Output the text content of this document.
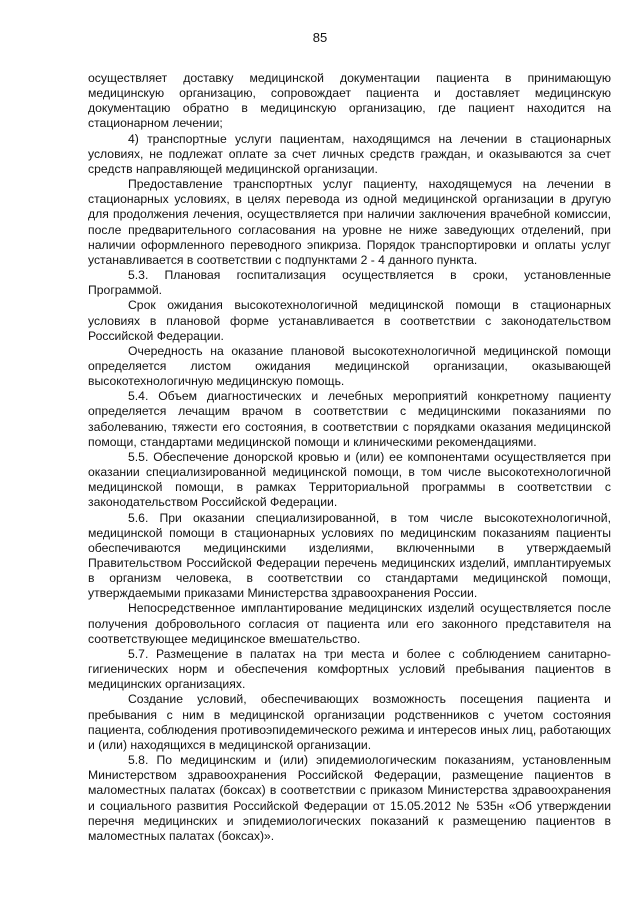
85

осуществляет доставку медицинской документации пациента в принимающую медицинскую организацию, сопровождает пациента и доставляет медицинскую документацию обратно в медицинскую организацию, где пациент находится на стационарном лечении;

4) транспортные услуги пациентам, находящимся на лечении в стационарных условиях, не подлежат оплате за счет личных средств граждан, и оказываются за счет средств направляющей медицинской организации.

Предоставление транспортных услуг пациенту, находящемуся на лечении в стационарных условиях, в целях перевода из одной медицинской организации в другую для продолжения лечения, осуществляется при наличии заключения врачебной комиссии, после предварительного согласования на уровне не ниже заведующих отделений, при наличии оформленного переводного эпикриза. Порядок транспортировки и оплаты услуг устанавливается в соответствии с подпунктами 2 - 4 данного пункта.

5.3. Плановая госпитализация осуществляется в сроки, установленные Программой.

Срок ожидания высокотехнологичной медицинской помощи в стационарных условиях в плановой форме устанавливается в соответствии с законодательством Российской Федерации.

Очередность на оказание плановой высокотехнологичной медицинской помощи определяется листом ожидания медицинской организации, оказывающей высокотехнологичную медицинскую помощь.

5.4. Объем диагностических и лечебных мероприятий конкретному пациенту определяется лечащим врачом в соответствии с медицинскими показаниями по заболеванию, тяжести его состояния, в соответствии с порядками оказания медицинской помощи, стандартами медицинской помощи и клиническими рекомендациями.

5.5. Обеспечение донорской кровью и (или) ее компонентами осуществляется при оказании специализированной медицинской помощи, в том числе высокотехнологичной медицинской помощи, в рамках Территориальной программы в соответствии с законодательством Российской Федерации.

5.6. При оказании специализированной, в том числе высокотехнологичной, медицинской помощи в стационарных условиях по медицинским показаниям пациенты обеспечиваются медицинскими изделиями, включенными в утверждаемый Правительством Российской Федерации перечень медицинских изделий, имплантируемых в организм человека, в соответствии со стандартами медицинской помощи, утверждаемыми приказами Министерства здравоохранения России.

Непосредственное имплантирование медицинских изделий осуществляется после получения добровольного согласия от пациента или его законного представителя на соответствующее медицинское вмешательство.

5.7. Размещение в палатах на три места и более с соблюдением санитарно-гигиенических норм и обеспечения комфортных условий пребывания пациентов в медицинских организациях.

Создание условий, обеспечивающих возможность посещения пациента и пребывания с ним в медицинской организации родственников с учетом состояния пациента, соблюдения противоэпидемического режима и интересов иных лиц, работающих и (или) находящихся в медицинской организации.

5.8. По медицинским и (или) эпидемиологическим показаниям, установленным Министерством здравоохранения Российской Федерации, размещение пациентов в маломестных палатах (боксах) в соответствии с приказом Министерства здравоохранения и социального развития Российской Федерации от 15.05.2012 № 535н «Об утверждении перечня медицинских и эпидемиологических показаний к размещению пациентов в маломестных палатах (боксах)».
